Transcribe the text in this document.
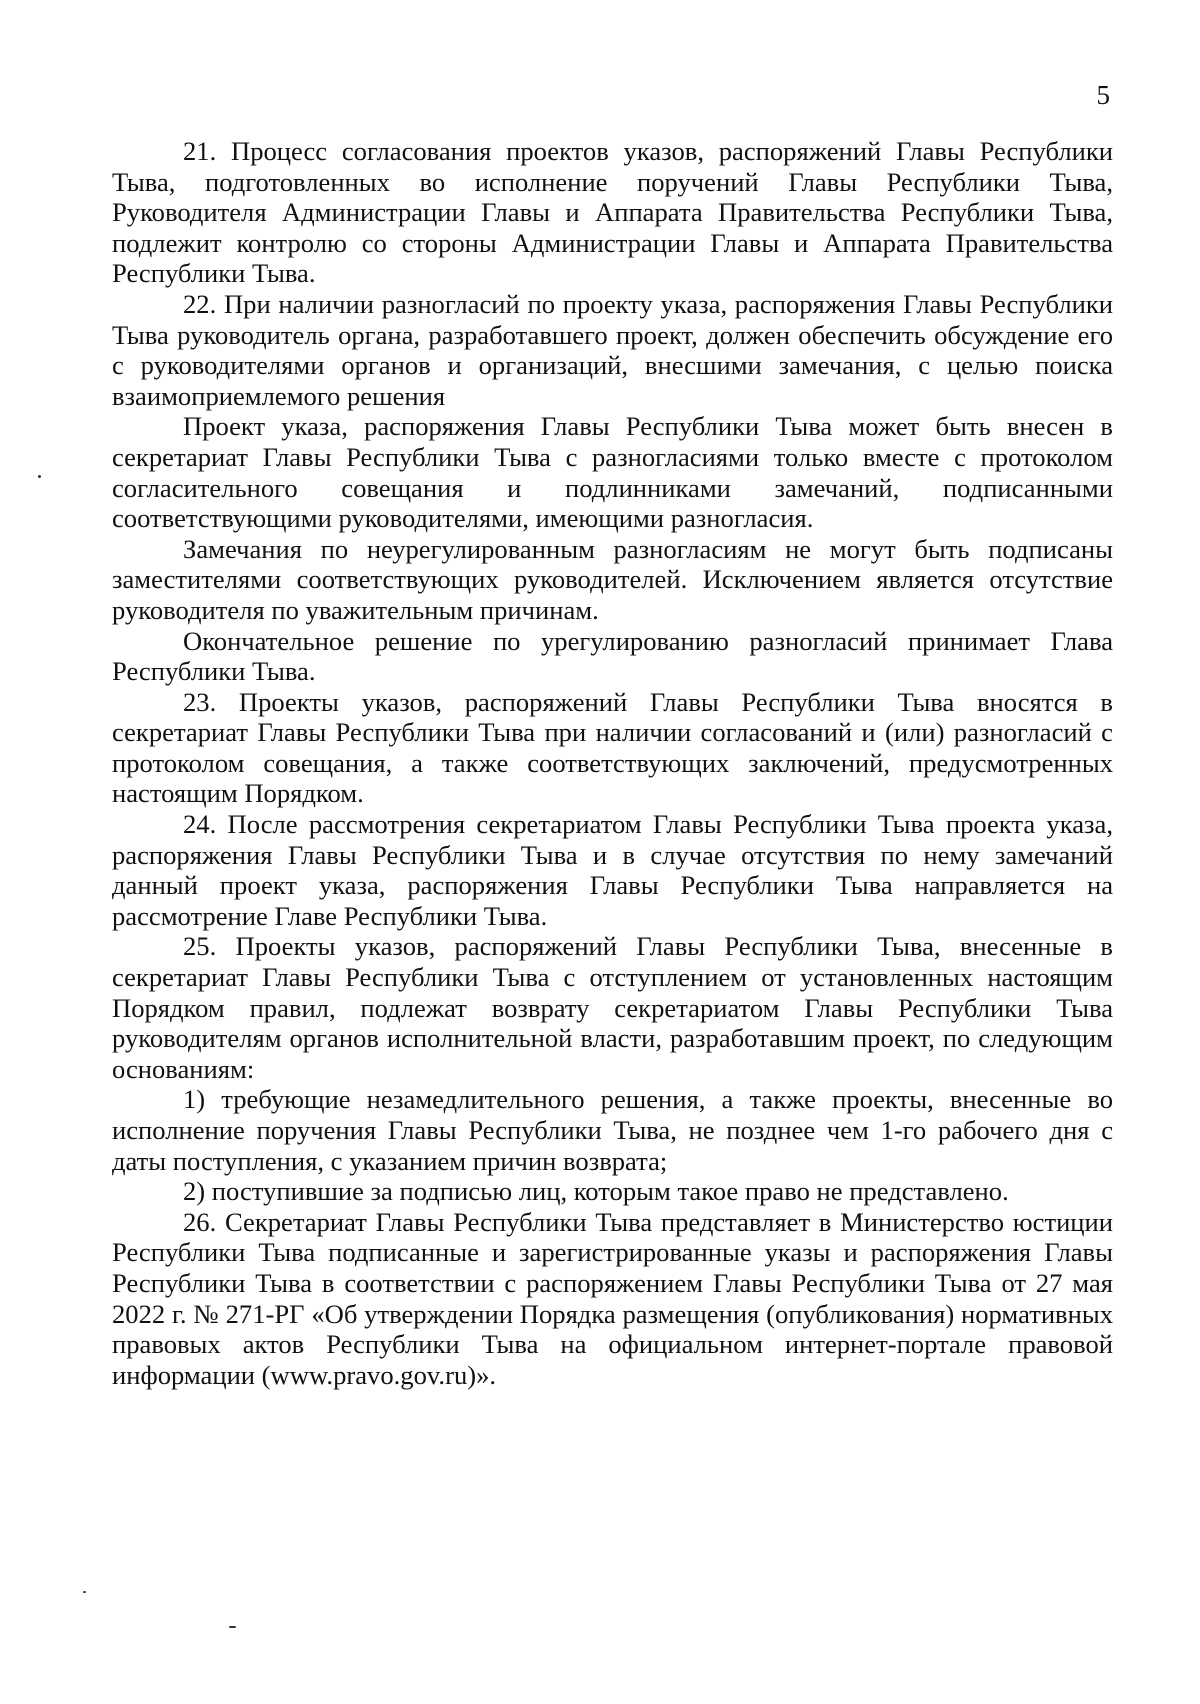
5

21. Процесс согласования проектов указов, распоряжений Главы Республики Тыва, подготовленных во исполнение поручений Главы Республики Тыва, Руководителя Администрации Главы и Аппарата Правительства Республики Тыва, подлежит контролю со стороны Администрации Главы и Аппарата Правительства Республики Тыва.

22. При наличии разногласий по проекту указа, распоряжения Главы Республики Тыва руководитель органа, разработавшего проект, должен обеспечить обсуждение его с руководителями органов и организаций, внесшими замечания, с целью поиска взаимоприемлемого решения

Проект указа, распоряжения Главы Республики Тыва может быть внесен в секретариат Главы Республики Тыва с разногласиями только вместе с протоколом согласительного совещания и подлинниками замечаний, подписанными соответствующими руководителями, имеющими разногласия.

Замечания по неурегулированным разногласиям не могут быть подписаны заместителями соответствующих руководителей. Исключением является отсутствие руководителя по уважительным причинам.

Окончательное решение по урегулированию разногласий принимает Глава Республики Тыва.

23. Проекты указов, распоряжений Главы Республики Тыва вносятся в секретариат Главы Республики Тыва при наличии согласований и (или) разногласий с протоколом совещания, а также соответствующих заключений, предусмотренных настоящим Порядком.

24. После рассмотрения секретариатом Главы Республики Тыва проекта указа, распоряжения Главы Республики Тыва и в случае отсутствия по нему замечаний данный проект указа, распоряжения Главы Республики Тыва направляется на рассмотрение Главе Республики Тыва.

25. Проекты указов, распоряжений Главы Республики Тыва, внесенные в секретариат Главы Республики Тыва с отступлением от установленных настоящим Порядком правил, подлежат возврату секретариатом Главы Республики Тыва руководителям органов исполнительной власти, разработавшим проект, по следующим основаниям:

1) требующие незамедлительного решения, а также проекты, внесенные во исполнение поручения Главы Республики Тыва, не позднее чем 1-го рабочего дня с даты поступления, с указанием причин возврата;

2) поступившие за подписью лиц, которым такое право не представлено.

26. Секретариат Главы Республики Тыва представляет в Министерство юстиции Республики Тыва подписанные и зарегистрированные указы и распоряжения Главы Республики Тыва в соответствии с распоряжением Главы Республики Тыва от 27 мая 2022 г. № 271-РГ «Об утверждении Порядка размещения (опубликования) нормативных правовых актов Республики Тыва на официальном интернет-портале правовой информации (www.pravo.gov.ru)».
